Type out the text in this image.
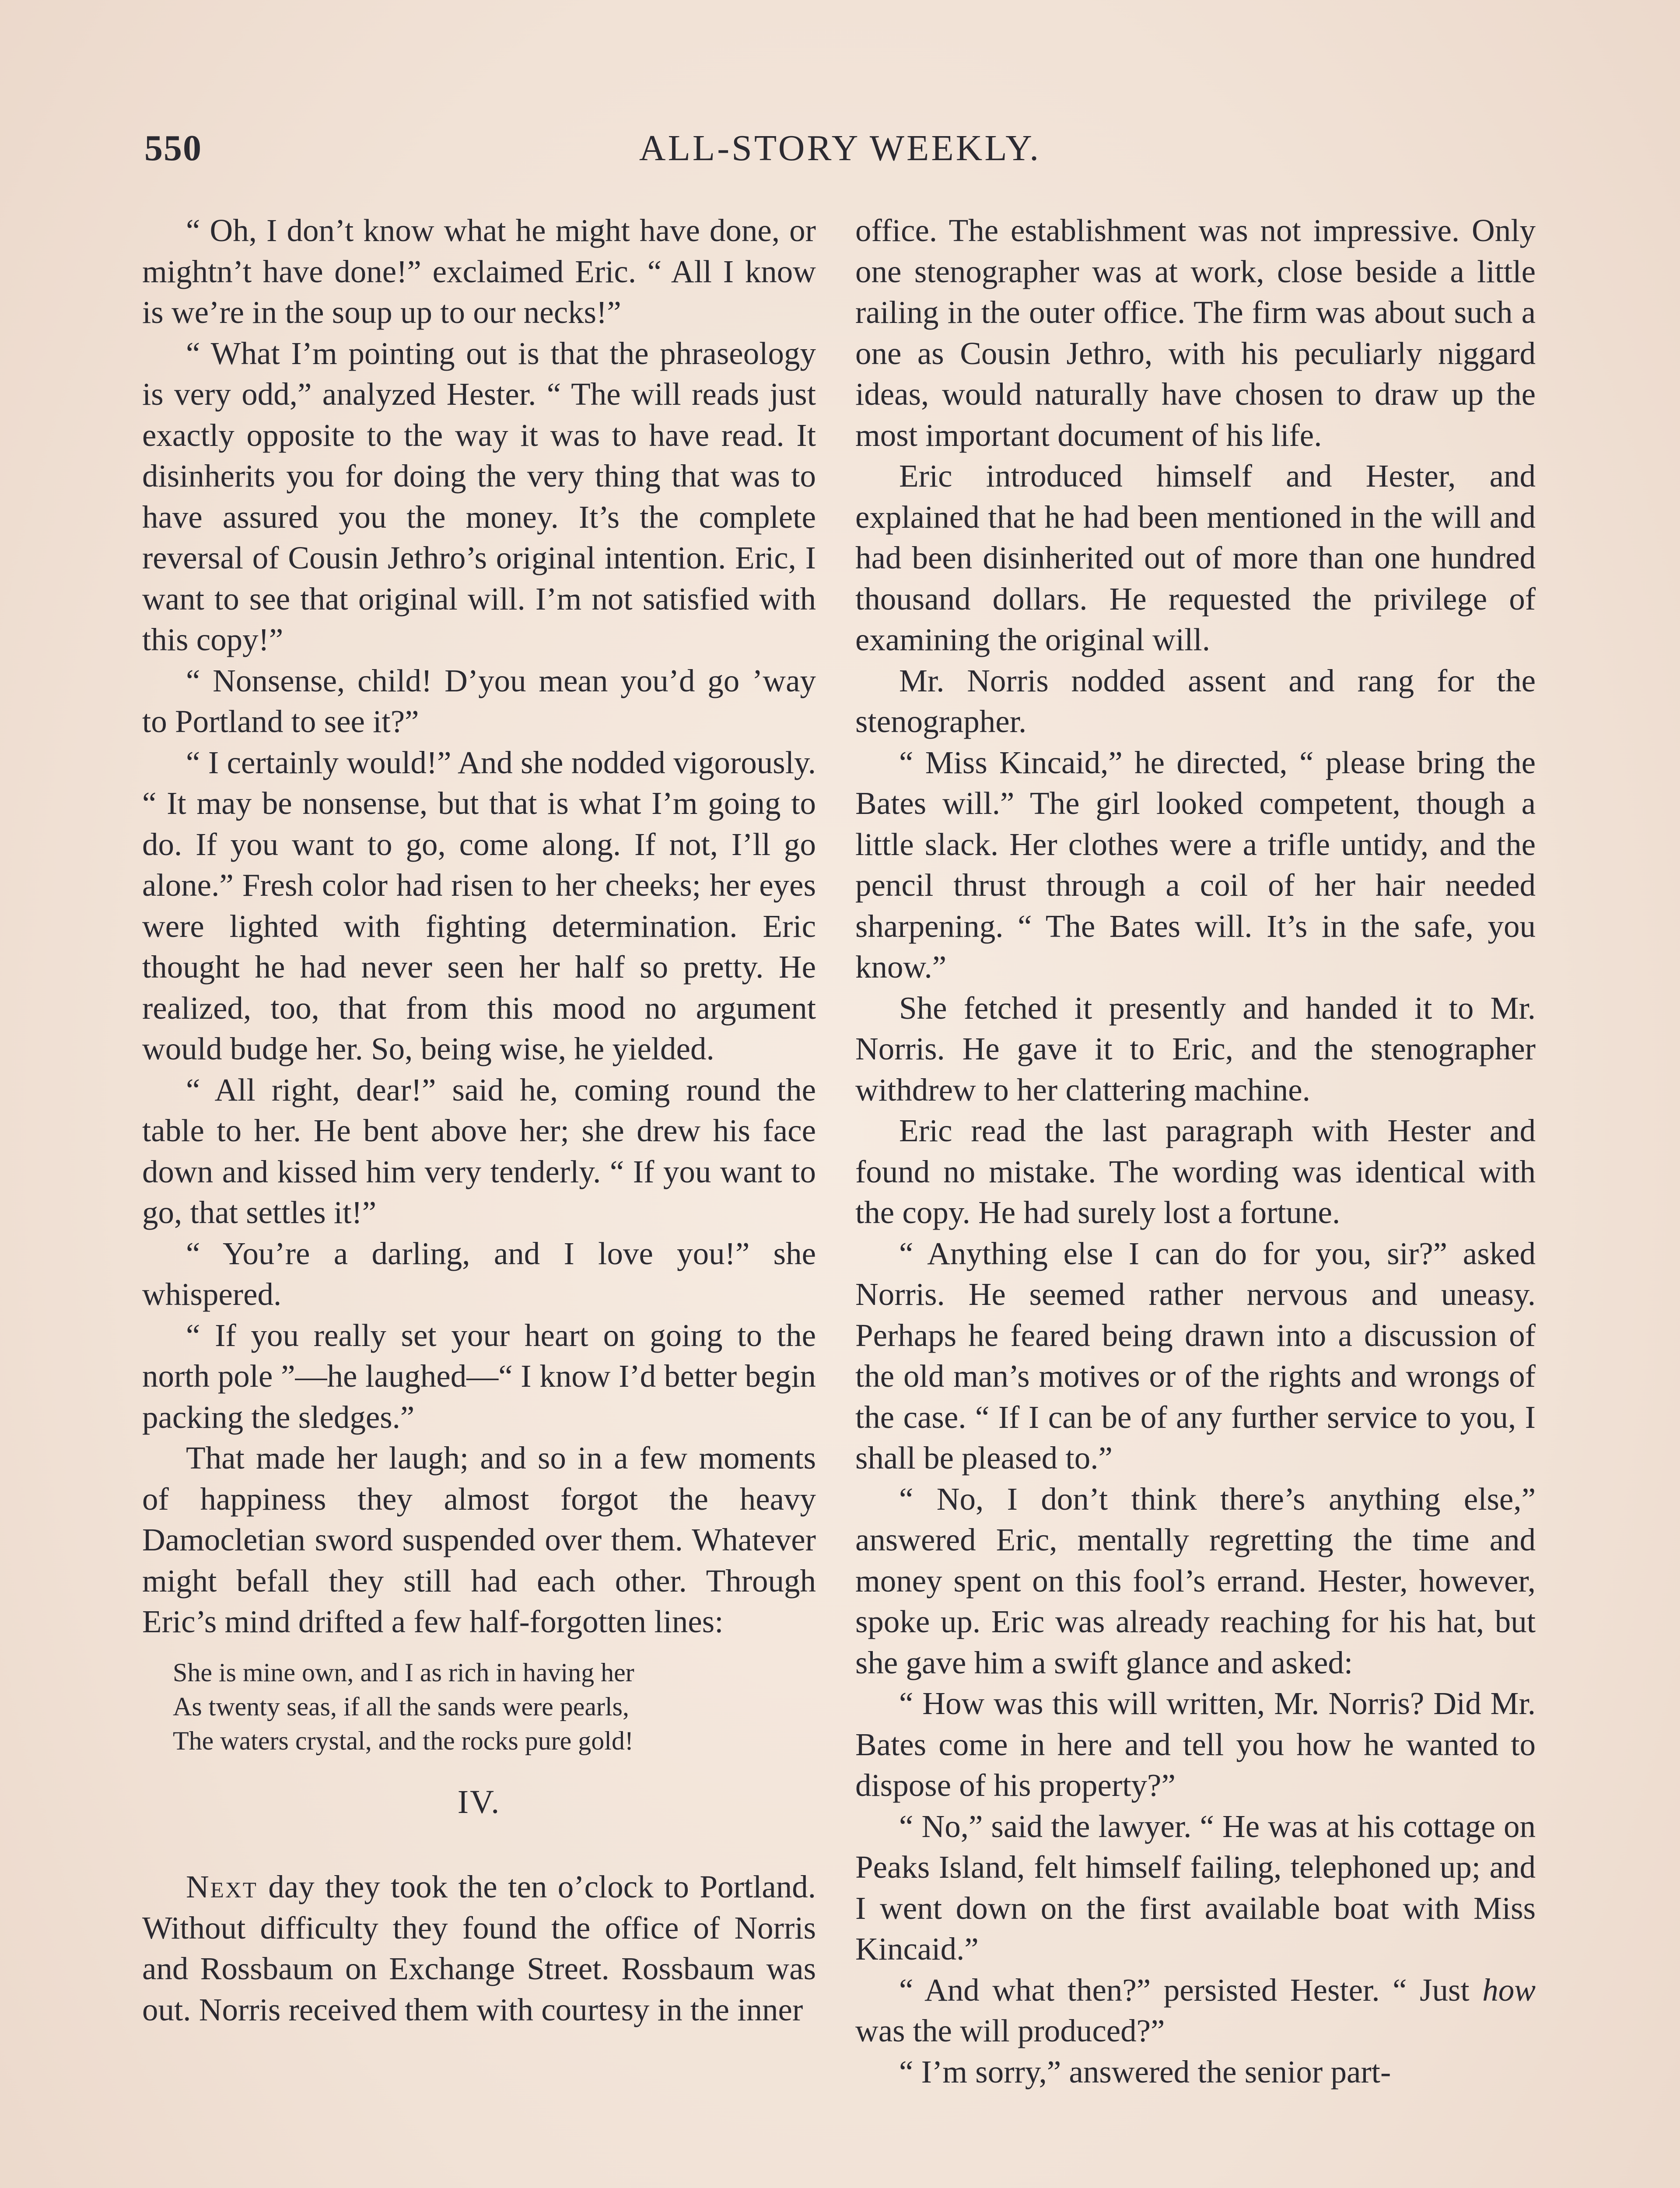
550	ALL-STORY WEEKLY.

“ Oh, I don’t know what he might have done, or mightn’t have done!” exclaimed Eric. “ All I know is we’re in the soup up to our necks!”

“ What I’m pointing out is that the phraseology is very odd,” analyzed Hester. “ The will reads just exactly opposite to the way it was to have read. It disinherits you for doing the very thing that was to have assured you the money. It’s the complete reversal of Cousin Jethro’s original intention. Eric, I want to see that original will. I’m not satisfied with this copy!”

“ Nonsense, child! D’you mean you’d go ’way to Portland to see it?”

“ I certainly would!” And she nodded vigorously. “ It may be nonsense, but that is what I’m going to do. If you want to go, come along. If not, I’ll go alone.” Fresh color had risen to her cheeks; her eyes were lighted with fighting determination. Eric thought he had never seen her half so pretty. He realized, too, that from this mood no argument would budge her. So, being wise, he yielded.

“ All right, dear!” said he, coming round the table to her. He bent above her; she drew his face down and kissed him very tenderly. “ If you want to go, that settles it!”

“ You’re a darling, and I love you!” she whispered.

“ If you really set your heart on going to the north pole ”—he laughed—“ I know I’d better begin packing the sledges.”

That made her laugh; and so in a few moments of happiness they almost forgot the heavy Damocletian sword suspended over them. Whatever might befall they still had each other. Through Eric’s mind drifted a few half-forgotten lines:

She is mine own, and I as rich in having her
As twenty seas, if all the sands were pearls,
The waters crystal, and the rocks pure gold!
IV.

Next day they took the ten o’clock to Portland. Without difficulty they found the office of Norris and Rossbaum on Exchange Street. Rossbaum was out. Norris received them with courtesy in the inner

office. The establishment was not impressive. Only one stenographer was at work, close beside a little railing in the outer office. The firm was about such a one as Cousin Jethro, with his peculiarly niggard ideas, would naturally have chosen to draw up the most important document of his life.

Eric introduced himself and Hester, and explained that he had been mentioned in the will and had been disinherited out of more than one hundred thousand dollars. He requested the privilege of examining the original will.

Mr. Norris nodded assent and rang for the stenographer.

“ Miss Kincaid,” he directed, “ please bring the Bates will.” The girl looked competent, though a little slack. Her clothes were a trifle untidy, and the pencil thrust through a coil of her hair needed sharpening. “ The Bates will. It’s in the safe, you know.”

She fetched it presently and handed it to Mr. Norris. He gave it to Eric, and the stenographer withdrew to her clattering machine.

Eric read the last paragraph with Hester and found no mistake. The wording was identical with the copy. He had surely lost a fortune.

“ Anything else I can do for you, sir?” asked Norris. He seemed rather nervous and uneasy. Perhaps he feared being drawn into a discussion of the old man’s motives or of the rights and wrongs of the case. “ If I can be of any further service to you, I shall be pleased to.”

“ No, I don’t think there’s anything else,” answered Eric, mentally regretting the time and money spent on this fool’s errand. Hester, however, spoke up. Eric was already reaching for his hat, but she gave him a swift glance and asked:

“ How was this will written, Mr. Norris? Did Mr. Bates come in here and tell you how he wanted to dispose of his property?”

“ No,” said the lawyer. “ He was at his cottage on Peaks Island, felt himself failing, telephoned up; and I went down on the first available boat with Miss Kincaid.”

“ And what then?” persisted Hester. “ Just how was the will produced?”

“ I’m sorry,” answered the senior part-
